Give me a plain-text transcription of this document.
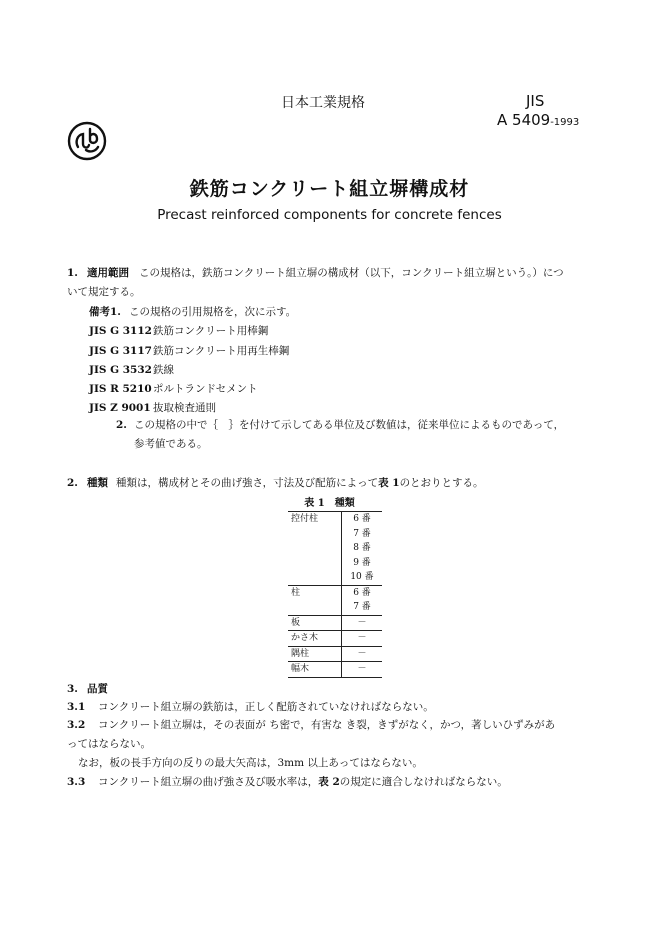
日本工業規格	JIS
A 5409-1993
鉄筋コンクリート組立塀構成材
Precast reinforced components for concrete fences
1. 適用範囲 この規格は，鉄筋コンクリート組立塀の構成材（以下，コンクリート組立塀という。）につ
いて規定する。
備考1. この規格の引用規格を，次に示す。
JIS G 3112鉄筋コンクリート用棒鋼
JIS G 3117鉄筋コンクリート用再生棒鋼
JIS G 3532鉄線
JIS R 5210ポルトランドセメント
JIS Z 9001 抜取検査通則
2. この規格の中で｛　｝を付けて示してある単位及び数値は，従来単位によるものであって，
参考値である。
2. 種類 種類は，構成材とその曲げ強さ，寸法及び配筋によって表 1のとおりとする。
表 1　種類
控付柱	6 番
	7 番
	8 番
	9 番
	10 番
柱	6 番
	7 番
板	－
かさ木	－
隅柱	－
幅木	－
3. 品質
3.1 コンクリート組立塀の鉄筋は，正しく配筋されていなければならない。
3.2 コンクリート組立塀は，その表面が ち密で，有害な き裂，きずがなく，かつ，著しいひずみがあ
ってはならない。
なお，板の長手方向の反りの最大矢高は，3mm 以上あってはならない。
3.3 コンクリート組立塀の曲げ強さ及び吸水率は，表 2の規定に適合しなければならない。
